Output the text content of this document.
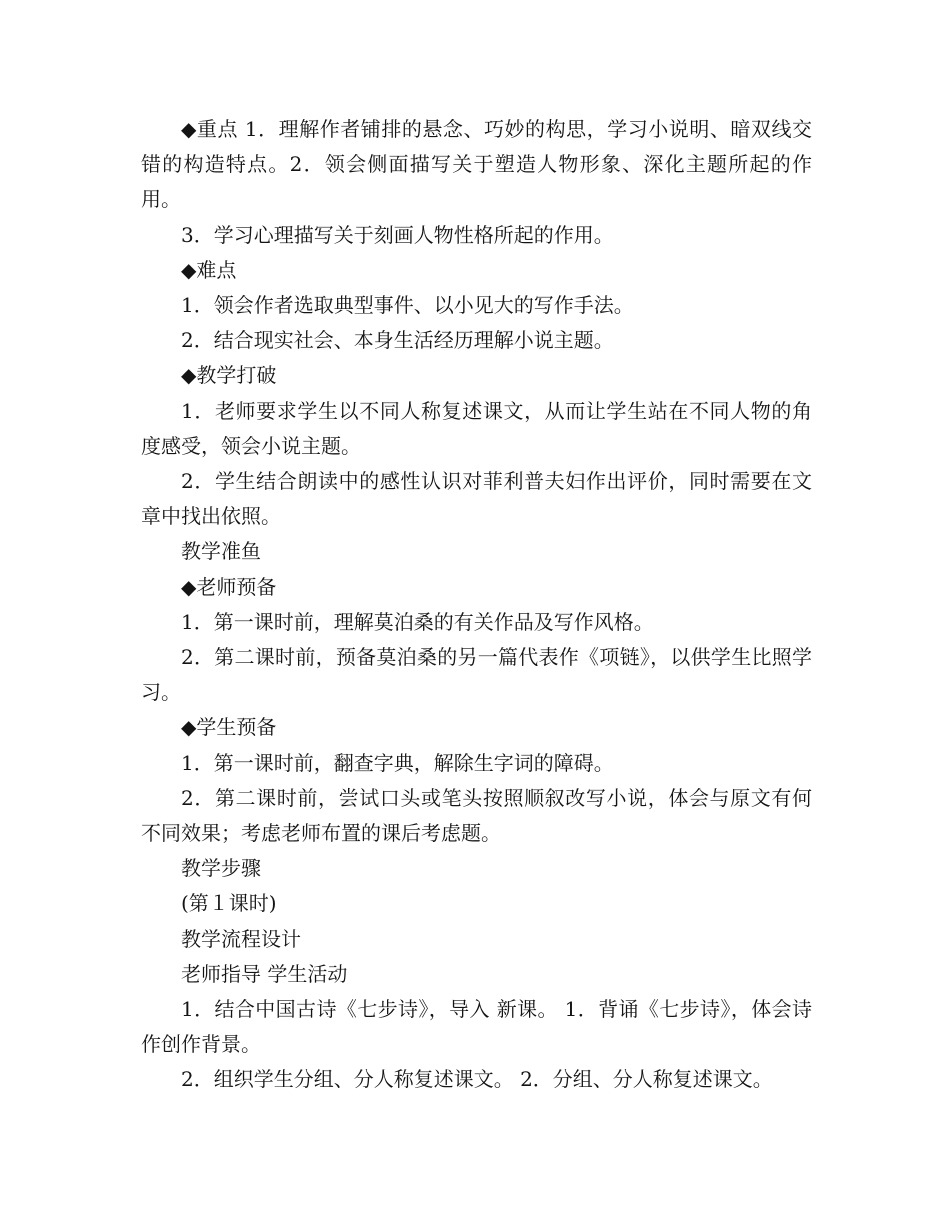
◆重点 1．理解作者铺排的悬念、巧妙的构思，学习小说明、暗双线交错的构造特点。2．领会侧面描写关于塑造人物形象、深化主题所起的作用。

3．学习心理描写关于刻画人物性格所起的作用。

◆难点

1．领会作者选取典型事件、以小见大的写作手法。

2．结合现实社会、本身生活经历理解小说主题。

◆教学打破

1．老师要求学生以不同人称复述课文，从而让学生站在不同人物的角度感受，领会小说主题。

2．学生结合朗读中的感性认识对菲利普夫妇作出评价，同时需要在文章中找出依照。

教学准鱼

◆老师预备

1．第一课时前，理解莫泊桑的有关作品及写作风格。

2．第二课时前，预备莫泊桑的另一篇代表作《项链》，以供学生比照学习。

◆学生预备

1．第一课时前，翻查字典，解除生字词的障碍。

2．第二课时前，尝试口头或笔头按照顺叙改写小说，体会与原文有何不同效果；考虑老师布置的课后考虑题。

教学步骤

(第１课时)

教学流程设计

老师指导 学生活动

1．结合中国古诗《七步诗》，导入 新课。 1．背诵《七步诗》，体会诗作创作背景。

2．组织学生分组、分人称复述课文。 2．分组、分人称复述课文。
